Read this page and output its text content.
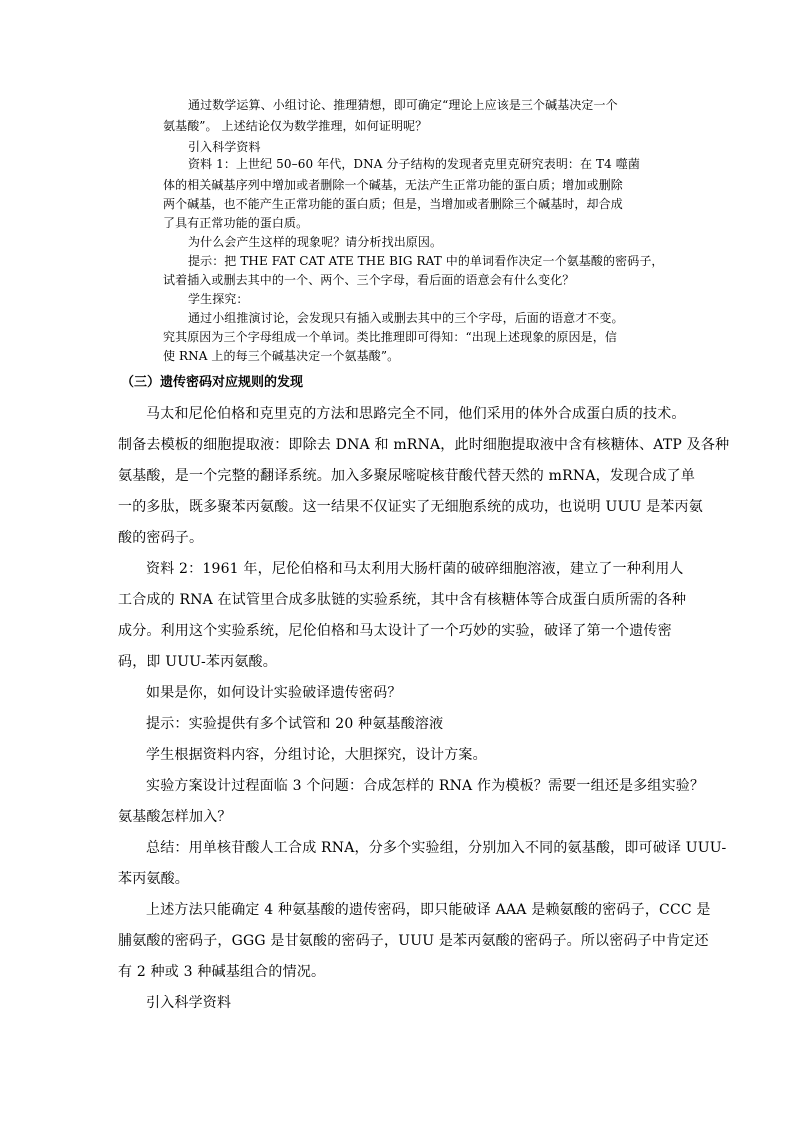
通过数学运算、小组讨论、推理猜想，即可确定“理论上应该是三个碱基决定一个
氨基酸”。 上述结论仅为数学推理，如何证明呢？
引入科学资料
资料 1：上世纪 50–60 年代，DNA 分子结构的发现者克里克研究表明：在 T4 噬菌
体的相关碱基序列中增加或者删除一个碱基，无法产生正常功能的蛋白质；增加或删除
两个碱基，也不能产生正常功能的蛋白质；但是，当增加或者删除三个碱基时，却合成
了具有正常功能的蛋白质。
为什么会产生这样的现象呢？请分析找出原因。
提示：把 THE FAT CAT ATE THE BIG RAT 中的单词看作决定一个氨基酸的密码子，
试着插入或删去其中的一个、两个、三个字母，看后面的语意会有什么变化？
学生探究：
通过小组推演讨论，会发现只有插入或删去其中的三个字母，后面的语意才不变。
究其原因为三个字母组成一个单词。类比推理即可得知：“出现上述现象的原因是，信
使 RNA 上的每三个碱基决定一个氨基酸”。
（三）遗传密码对应规则的发现
马太和尼伦伯格和克里克的方法和思路完全不同，他们采用的体外合成蛋白质的技术。
制备去模板的细胞提取液：即除去 DNA 和 mRNA，此时细胞提取液中含有核糖体、ATP 及各种
氨基酸，是一个完整的翻译系统。加入多聚尿嘧啶核苷酸代替天然的 mRNA，发现合成了单
一的多肽，既多聚苯丙氨酸。这一结果不仅证实了无细胞系统的成功，也说明 UUU 是苯丙氨
酸的密码子。
资料 2：1961 年，尼伦伯格和马太利用大肠杆菌的破碎细胞溶液，建立了一种利用人
工合成的 RNA 在试管里合成多肽链的实验系统，其中含有核糖体等合成蛋白质所需的各种
成分。利用这个实验系统，尼伦伯格和马太设计了一个巧妙的实验，破译了第一个遗传密
码，即 UUU-苯丙氨酸。
如果是你，如何设计实验破译遗传密码？
提示：实验提供有多个试管和 20 种氨基酸溶液
学生根据资料内容，分组讨论，大胆探究，设计方案。
实验方案设计过程面临 3 个问题：合成怎样的 RNA 作为模板？需要一组还是多组实验？
氨基酸怎样加入？
总结：用单核苷酸人工合成 RNA，分多个实验组，分别加入不同的氨基酸，即可破译 UUU-
苯丙氨酸。
上述方法只能确定 4 种氨基酸的遗传密码，即只能破译 AAA 是赖氨酸的密码子，CCC 是
脯氨酸的密码子，GGG 是甘氨酸的密码子，UUU 是苯丙氨酸的密码子。所以密码子中肯定还
有 2 种或 3 种碱基组合的情况。
引入科学资料
